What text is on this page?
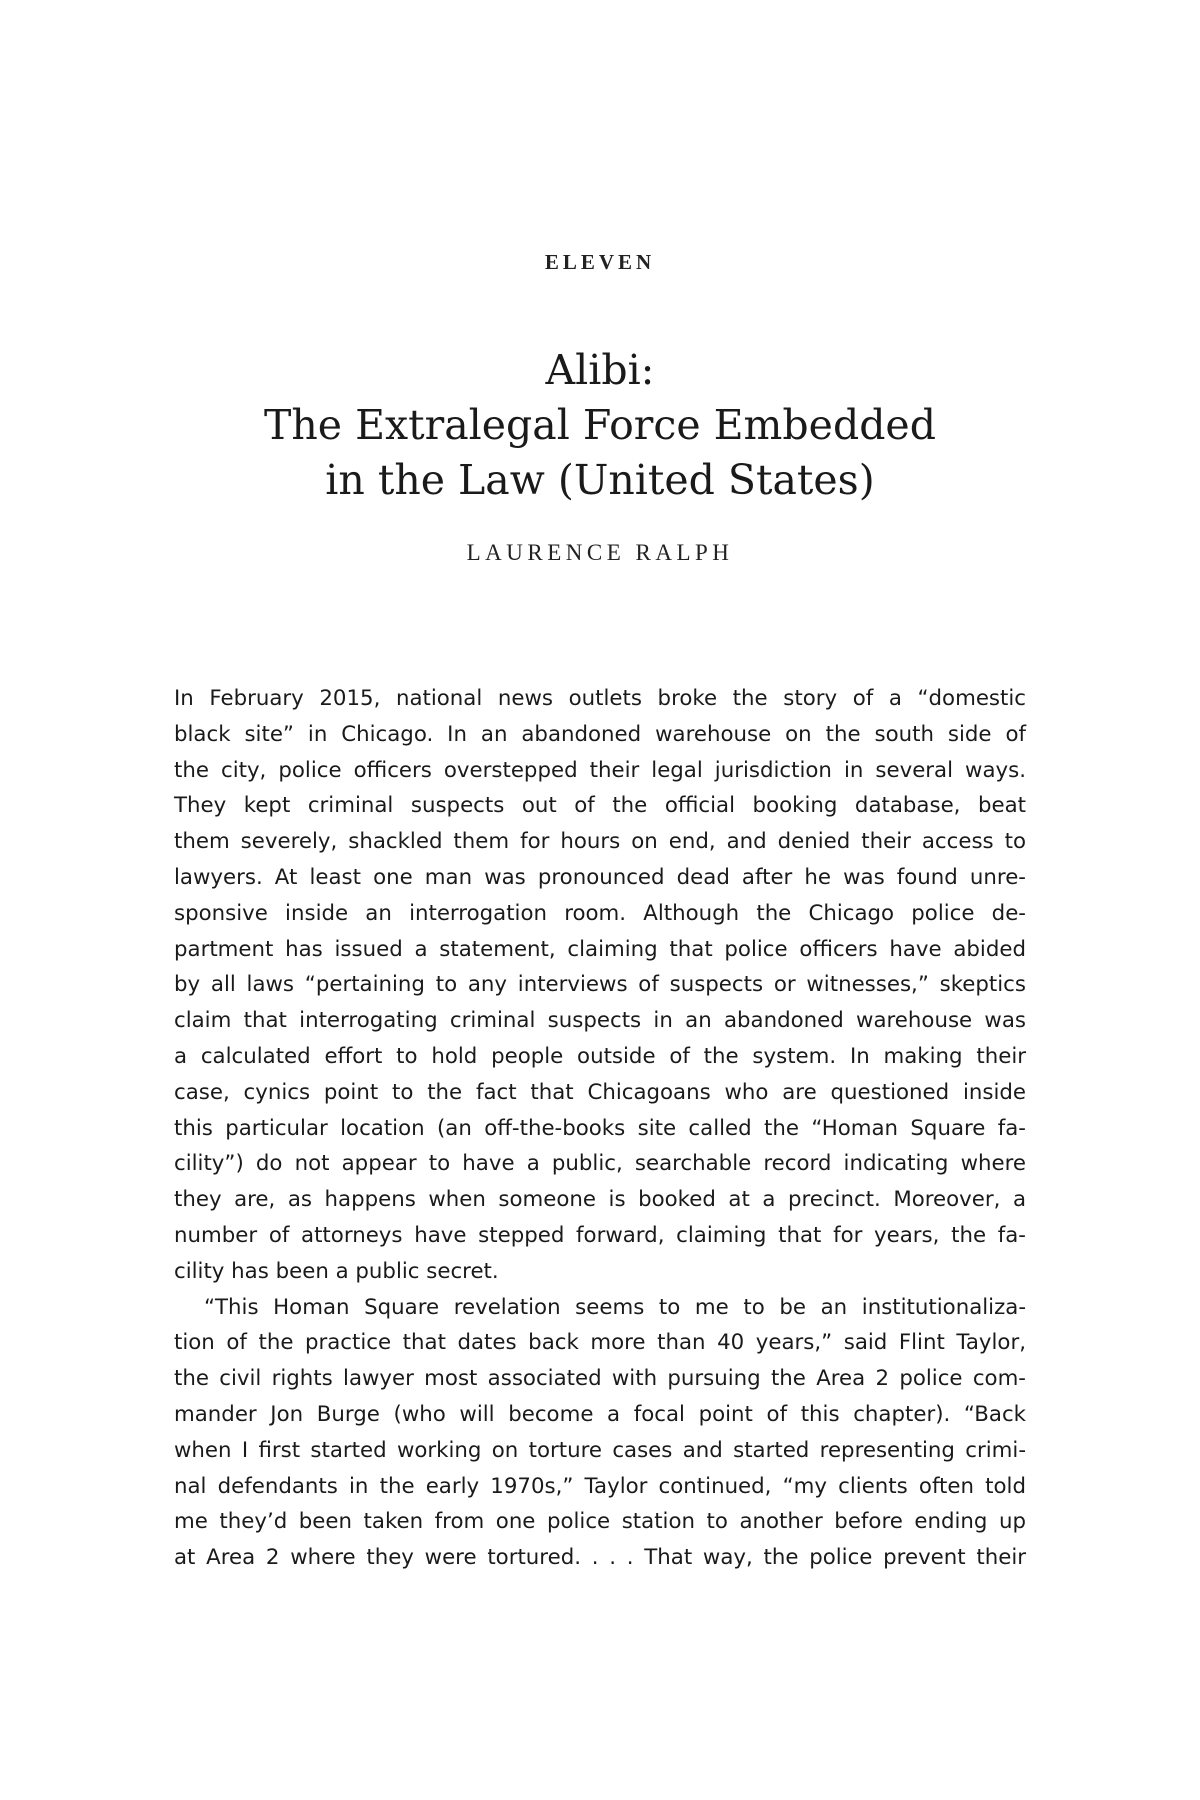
ELEVEN
Alibi:
The Extralegal Force Embedded
in the Law (United States)
LAURENCE RALPH
In February 2015, national news outlets broke the story of a “domestic
black site” in Chicago. In an abandoned warehouse on the south side of
the city, police officers overstepped their legal jurisdiction in several ways.
They kept criminal suspects out of the official booking database, beat
them severely, shackled them for hours on end, and denied their access to
lawyers. At least one man was pronounced dead after he was found unre-
sponsive inside an interrogation room. Although the Chicago police de-
partment has issued a statement, claiming that police officers have abided
by all laws “pertaining to any interviews of suspects or witnesses,” skeptics
claim that interrogating criminal suspects in an abandoned warehouse was
a calculated effort to hold people outside of the system. In making their
case, cynics point to the fact that Chicagoans who are questioned inside
this particular location (an off-the-books site called the “Homan Square fa-
cility”) do not appear to have a public, searchable record indicating where
they are, as happens when someone is booked at a precinct. Moreover, a
number of attorneys have stepped forward, claiming that for years, the fa-
cility has been a public secret.
“This Homan Square revelation seems to me to be an institutionaliza-
tion of the practice that dates back more than 40 years,” said Flint Taylor,
the civil rights lawyer most associated with pursuing the Area 2 police com-
mander Jon Burge (who will become a focal point of this chapter). “Back
when I first started working on torture cases and started representing crimi-
nal defendants in the early 1970s,” Taylor continued, “my clients often told
me they’d been taken from one police station to another before ending up
at Area 2 where they were tortured. . . . That way, the police prevent their
